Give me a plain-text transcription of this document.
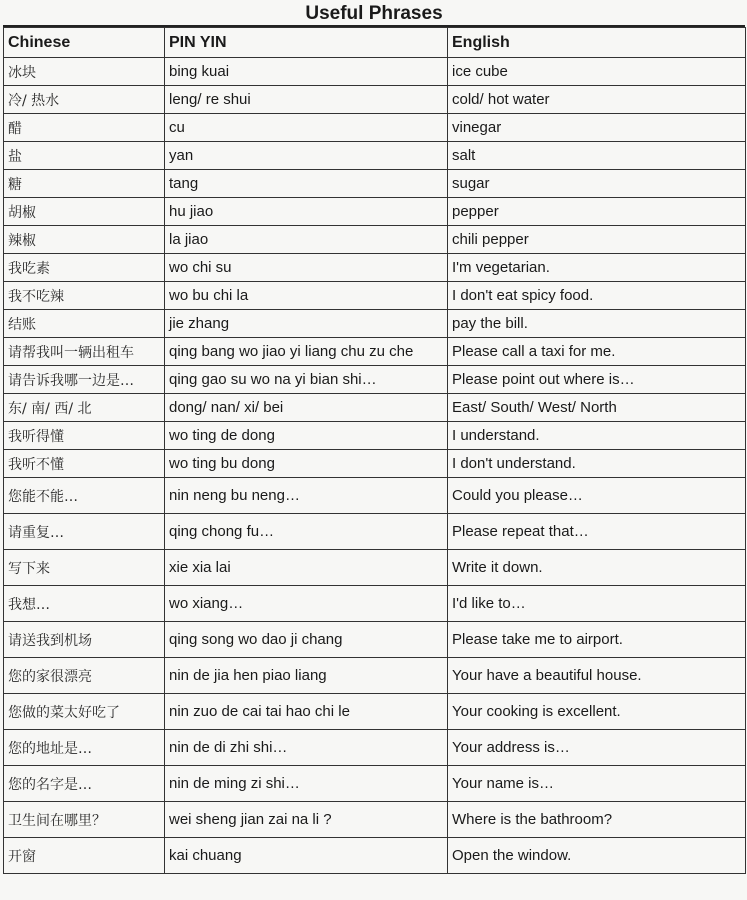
Useful Phrases
Chinese	PIN YIN	English
冰块	bing kuai	ice cube
冷/ 热水	leng/ re shui	cold/ hot water
醋	cu	vinegar
盐	yan	salt
糖	tang	sugar
胡椒	hu jiao	pepper
辣椒	la jiao	chili pepper
我吃素	wo chi su	I'm vegetarian.
我不吃辣	wo bu chi la	I don't eat spicy food.
结账	jie zhang	pay the bill.
请帮我叫一辆出租车	qing bang wo jiao yi liang chu zu che	Please call a taxi for me.
请告诉我哪一边是…	qing gao su wo na yi bian shi…	Please point out where is…
东/ 南/ 西/ 北	dong/ nan/ xi/ bei	East/ South/ West/ North
我听得懂	wo ting de dong	I understand.
我听不懂	wo ting bu dong	I don't understand.
您能不能…	nin neng bu neng…	Could you please…
请重复…	qing chong fu…	Please repeat that…
写下来	xie xia lai	Write it down.
我想…	wo xiang…	I'd like to…
请送我到机场	qing song wo dao ji chang	Please take me to airport.
您的家很漂亮	nin de jia hen piao liang	Your have a beautiful house.
您做的菜太好吃了	nin zuo de cai tai hao chi le	Your cooking is excellent.
您的地址是…	nin de di zhi shi…	Your address is…
您的名字是…	nin de ming zi shi…	Your name is…
卫生间在哪里？	wei sheng jian zai na li ?	Where is the bathroom?
开窗	kai chuang	Open the window.
